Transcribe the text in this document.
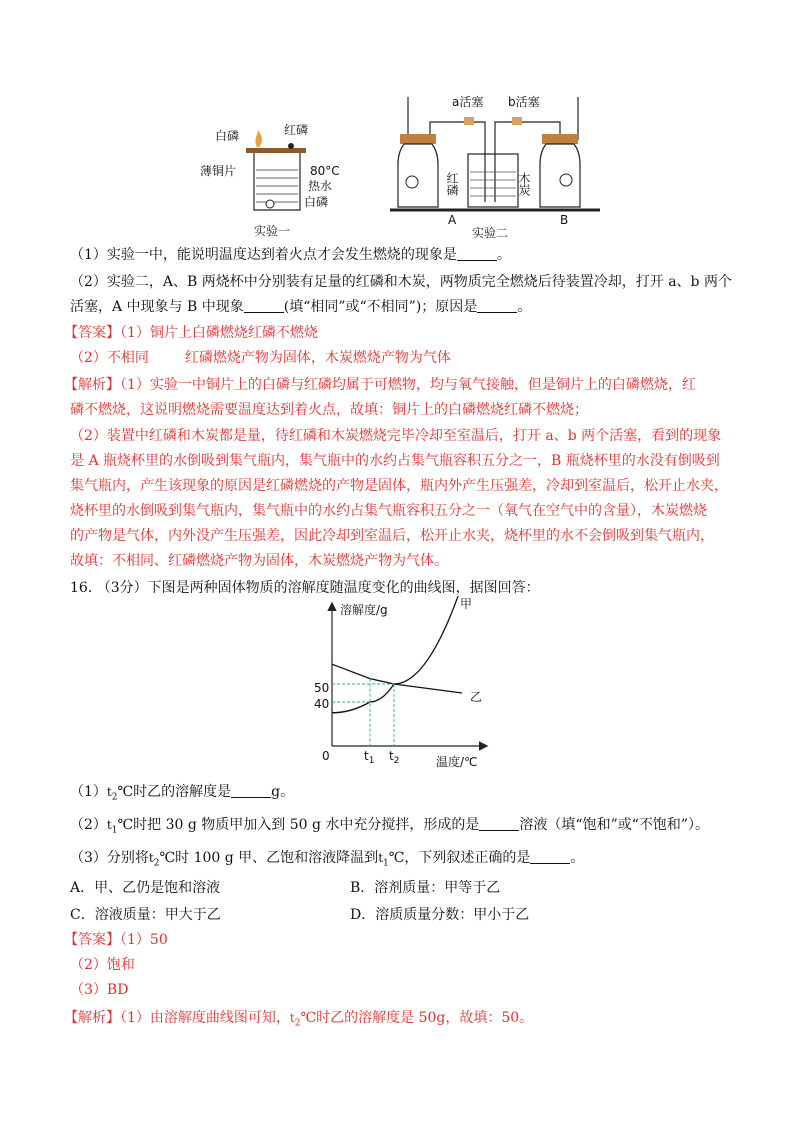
白磷	红磷
薄铜片	80°C
热水
白磷
实验一
a活塞 b活塞
红磷	木炭
A
实验二
B
（1）实验一中，能说明温度达到着火点才会发生燃烧的现象是	。
（2）实验二，A、B 两烧杯中分别装有足量的红磷和木炭，两物质完全燃烧后待装置冷却，打开 a、b 两个
活塞，A 中现象与 B 中现象	(填“相同”或“不相同”)；原因是	。
【答案】（1）铜片上白磷燃烧红磷不燃烧
（2）不相同	红磷燃烧产物为固体，木炭燃烧产物为气体
【解析】（1）实验一中铜片上的白磷与红磷均属于可燃物，均与氧气接触，但是铜片上的白磷燃烧，红
磷不燃烧，这说明燃烧需要温度达到着火点，故填：铜片上的白磷燃烧红磷不燃烧；
（2）装置中红磷和木炭都是量，待红磷和木炭燃烧完毕冷却至室温后，打开 a、b 两个活塞，看到的现象
是 A 瓶烧杯里的水倒吸到集气瓶内，集气瓶中的水约占集气瓶容积五分之一，B 瓶烧杯里的水没有倒吸到
集气瓶内，产生该现象的原因是红磷燃烧的产物是固体，瓶内外产生压强差，冷却到室温后，松开止水夹，
烧杯里的水倒吸到集气瓶内，集气瓶中的水约占集气瓶容积五分之一（氧气在空气中的含量），木炭燃烧
的产物是气体，内外没产生压强差，因此冷却到室温后，松开止水夹，烧杯里的水不会倒吸到集气瓶内，
故填：不相同、红磷燃烧产物为固体，木炭燃烧产物为气体。
16. （3分）下图是两种固体物质的溶解度随温度变化的曲线图，据图回答：
溶解度/g
温度/℃
0
50
40
$t_1$ $t_2$
甲
乙
$(1)t_2℃$时乙的溶解度是	g。
$(2)t_1℃$时把 30 g 物质甲加入到 50 g 水中充分搅拌，形成的是	溶液（填“饱和”或“不饱和”）。
（3）分别将$t_2℃$时 100 g 甲、乙饱和溶液降温到$t_1℃$，下列叙述正确的是	。
A．甲、乙仍是饱和溶液	B．溶剂质量：甲等于乙
C．溶液质量：甲大于乙	D．溶质质量分数：甲小于乙
【答案】（1）50
（2）饱和
（3）BD
【解析】（1）由溶解度曲线图可知，$t_2℃$时乙的溶解度是 50g，故填：50。
